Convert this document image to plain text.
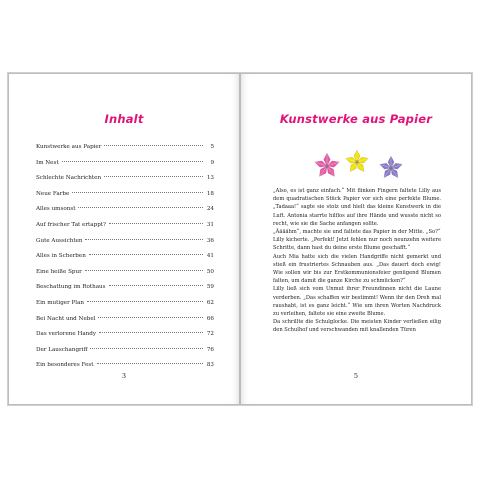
Inhalt
Kunstwerke aus Papier	5
Im Nest	9
Schlechte Nachrichten	13
Neue Farbe	18
Alles umsonst	24
Auf frischer Tat ertappt?	31
Gute Aussichten	36
Alles in Scherben	41
Eine heiße Spur	50
Beschattung im Rothaus	59
Ein mutiger Plan	62
Bei Nacht und Nebel	66
Das verlorene Handy	72
Der Lauschangriff	76
Ein besonderes Fest	83
3
Kunstwerke aus Papier

„Also, es ist ganz einfach.“ Mit flinken Fingern faltete Lilly aus dem quadratischen Stück Papier vor sich eine perfekte Blume. „Tadaaa!“ sagte sie stolz und hielt das kleine Kunstwerk in die Luft. Antonia starrte hilflos auf ihre Hände und wusste nicht so recht, wie sie die Sache anfangen sollte.

„Äääähm“, machte sie und faltete das Papier in der Mitte. „So?“

Lilly kicherte. „Perfekt! Jetzt fehlen nur noch neunzehn weitere Schritte, dann hast du deine erste Blume geschafft.“

Auch Mia hatte sich die vielen Handgriffe nicht gemerkt und stieß ein frustriertes Schnauben aus. „Das dauert doch ewig! Wie sollen wir bis zur Erstkommunionsfeier genügend Blumen falten, um damit die ganze Kirche zu schmücken?“

Lilly ließ sich vom Unmut ihrer Freundinnen nicht die Laune verderben. „Das schaffen wir bestimmt! Wenn ihr den Dreh mal raushabt, ist es ganz leicht.“ Wie um ihren Worten Nachdruck zu verleihen, faltete sie eine zweite Blume.

Da schrillte die Schulglocke. Die meisten Kinder verließen eilig den Schulhof und verschwanden mit knallenden Türen

5
